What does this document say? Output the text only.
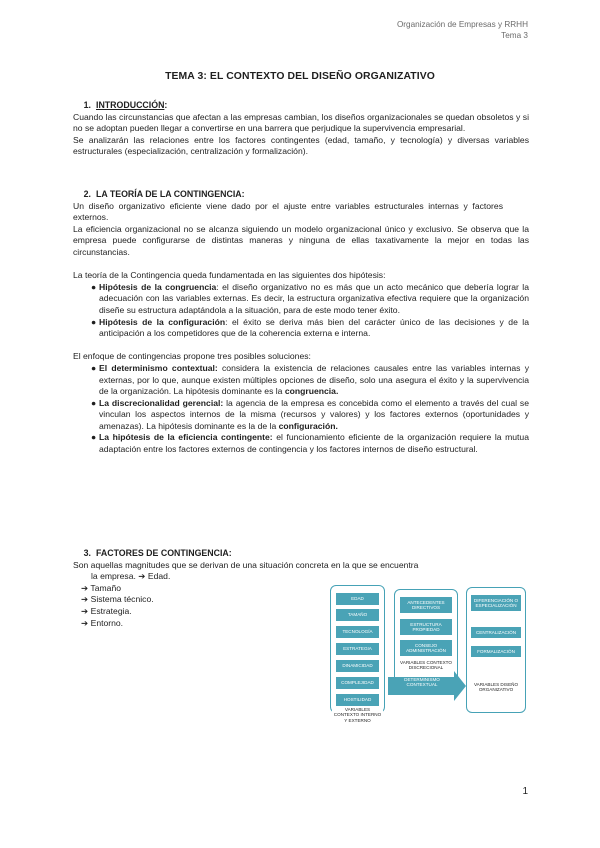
Organización de Empresas y RRHH
Tema 3
TEMA 3: EL CONTEXTO DEL DISEÑO ORGANIZATIVO
1. INTRODUCCIÓN:
Cuando las circunstancias que afectan a las empresas cambian, los diseños organizacionales se quedan obsoletos y si no se adoptan pueden llegar a convertirse en una barrera que perjudique la supervivencia empresarial.
Se analizarán las relaciones entre los factores contingentes (edad, tamaño, y tecnología) y diversas variables estructurales (especialización, centralización y formalización).
2. LA TEORÍA DE LA CONTINGENCIA:
Un diseño organizativo eficiente viene dado por el ajuste entre variables estructurales internas y factores externos.
La eficiencia organizacional no se alcanza siguiendo un modelo organizacional único y exclusivo. Se observa que la empresa puede configurarse de distintas maneras y ninguna de ellas taxativamente la mejor en todas las circunstancias.
La teoría de la Contingencia queda fundamentada en las siguientes dos hipótesis:
● Hipótesis de la congruencia: el diseño organizativo no es más que un acto mecánico que debería lograr la adecuación con las variables externas. Es decir, la estructura organizativa efectiva requiere que la organización diseñe su estructura adaptándola a la situación, para de este modo tener éxito.
● Hipótesis de la configuración: el éxito se deriva más bien del carácter único de las decisiones y de la anticipación a los competidores que de la coherencia externa e interna.
El enfoque de contingencias propone tres posibles soluciones:
● El determinismo contextual: considera la existencia de relaciones causales entre las variables internas y externas, por lo que, aunque existen múltiples opciones de diseño, solo una asegura el éxito y la supervivencia de la organización. La hipótesis dominante es la congruencia.
● La discrecionalidad gerencial: la agencia de la empresa es concebida como el elemento a través del cual se vinculan los aspectos internos de la misma (recursos y valores) y los factores externos (oportunidades y amenazas). La hipótesis dominante es la de la configuración.
● La hipótesis de la eficiencia contingente: el funcionamiento eficiente de la organización requiere la mutua adaptación entre los factores externos de contingencia y los factores internos de diseño estructural.
3. FACTORES DE CONTINGENCIA:
Son aquellas magnitudes que se derivan de una situación concreta en la que se encuentra
la empresa. ➔ Edad.
➔ Tamaño
➔ Sistema técnico.
➔ Estrategia.
➔ Entorno.
EDAD
TAMAÑO
TECNOLOGÍA
ESTRATEGIA
DINAMICIDAD
COMPLEJIDAD
HOSTILIDAD
VARIABLES CONTEXTO INTERNO Y EXTERNO
ANTECEDENTES DIRECTIVOS
ESTRUCTURA PROPIEDAD
CONSEJO ADMINISTRACIÓN
VARIABLES CONTEXTO DISCRECIONAL
DETERMINISMO CONTEXTUAL
DIFERENCIACIÓN O ESPECIALIZACIÓN
CENTRALIZACIÓN
FORMALIZACIÓN
VARIABLES DISEÑO ORGANIZATIVO
1
